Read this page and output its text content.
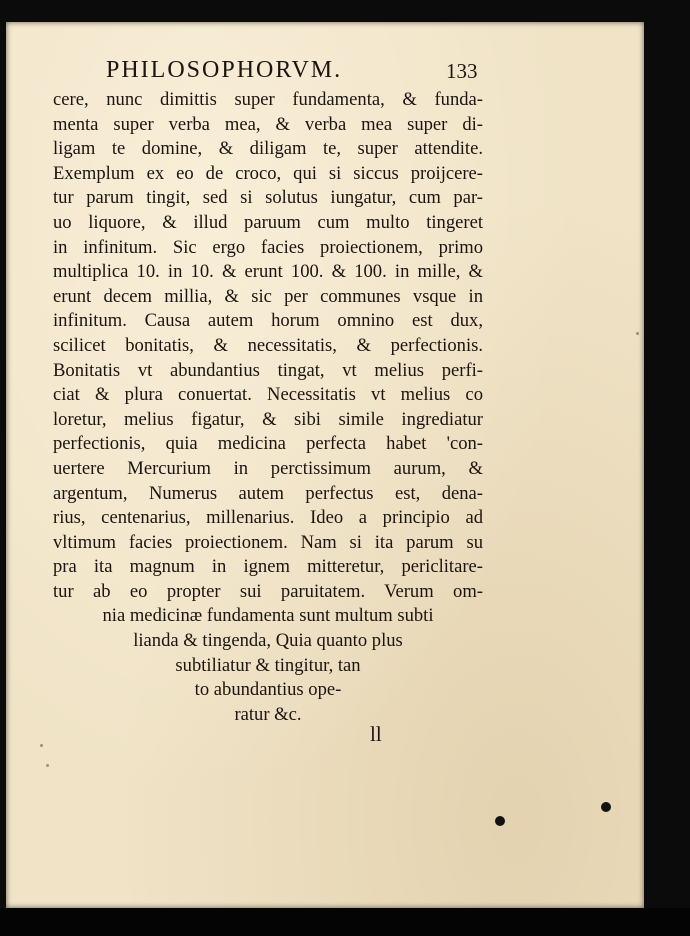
PHILOSOPHORVM.	133
cere, nunc dimittis super fundamenta, & funda-
menta super verba mea, & verba mea super di-
ligam te domine, & diligam te, super attendite.
Exemplum ex eo de croco, qui si siccus proijcere-
tur parum tingit, sed si solutus iungatur, cum par-
uo liquore, & illud paruum cum multo tingeret
in infinitum. Sic ergo facies proiectionem, primo
multiplica 10. in 10. & erunt 100. & 100. in mille, &
erunt decem millia, & sic per communes vsque in
infinitum. Causa autem horum omnino est dux,
scilicet bonitatis, & necessitatis, & perfectionis.
Bonitatis vt abundantius tingat, vt melius perfi-
ciat & plura conuertat. Necessitatis vt melius co
loretur, melius figatur, & sibi simile ingrediatur
perfectionis, quia medicina perfecta habet 'con-
uertere Mercurium in perctissimum aurum, &
argentum, Numerus autem perfectus est, dena-
rius, centenarius, millenarius. Ideo a principio ad
vltimum facies proiectionem. Nam si ita parum su
pra ita magnum in ignem mitteretur, periclitare-
tur ab eo propter sui paruitatem. Verum om-
nia medicinæ fundamenta sunt multum subti
lianda & tingenda, Quia quanto plus
subtiliatur & tingitur, tan
to abundantius ope-
ratur &c.
ll
